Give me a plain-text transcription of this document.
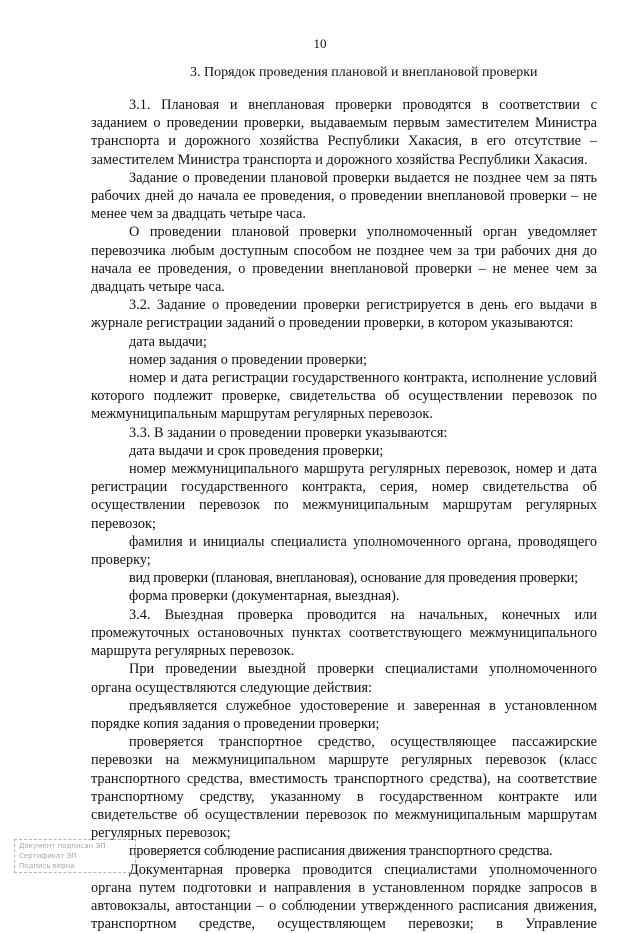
10
3. Порядок проведения плановой и внеплановой проверки

3.1. Плановая и внеплановая проверки проводятся в соответствии с заданием о проведении проверки, выдаваемым первым заместителем Министра транспорта и дорожного хозяйства Республики Хакасия, в его отсутствие – заместителем Министра транспорта и дорожного хозяйства Республики Хакасия.

Задание о проведении плановой проверки выдается не позднее чем за пять рабочих дней до начала ее проведения, о проведении внеплановой проверки – не менее чем за двадцать четыре часа.

О проведении плановой проверки уполномоченный орган уведомляет перевозчика любым доступным способом не позднее чем за три рабочих дня до начала ее проведения, о проведении внеплановой проверки – не менее чем за двадцать четыре часа.

3.2. Задание о проведении проверки регистрируется в день его выдачи в журнале регистрации заданий о проведении проверки, в котором указываются:

дата выдачи;

номер задания о проведении проверки;

номер и дата регистрации государственного контракта, исполнение условий которого подлежит проверке, свидетельства об осуществлении перевозок по межмуниципальным маршрутам регулярных перевозок.

3.3. В задании о проведении проверки указываются:

дата выдачи и срок проведения проверки;

номер межмуниципального маршрута регулярных перевозок, номер и дата регистрации государственного контракта, серия, номер свидетельства об осуществлении перевозок по межмуниципальным маршрутам регулярных перевозок;

фамилия и инициалы специалиста уполномоченного органа, проводящего проверку;

вид проверки (плановая, внеплановая), основание для проведения проверки;

форма проверки (документарная, выездная).

3.4. Выездная проверка проводится на начальных, конечных или промежуточных остановочных пунктах соответствующего межмуниципального маршрута регулярных перевозок.

При проведении выездной проверки специалистами уполномоченного органа осуществляются следующие действия:

предъявляется служебное удостоверение и заверенная в установленном порядке копия задания о проведении проверки;

проверяется транспортное средство, осуществляющее пассажирские перевозки на межмуниципальном маршруте регулярных перевозок (класс транспортного средства, вместимость транспортного средства), на соответствие транспортному средству, указанному в государственном контракте или свидетельстве об осуществлении перевозок по межмуниципальным маршрутам регулярных перевозок;

проверяется соблюдение расписания движения транспортного средства.

Документарная проверка проводится специалистами уполномоченного органа путем подготовки и направления в установленном порядке запросов в автовокзалы, автостанции – о соблюдении утвержденного расписания движения, транспортном средстве, осуществляющем перевозки; в Управление

Документ подписан ЭП
Сертификат ЭП
Подпись верна
